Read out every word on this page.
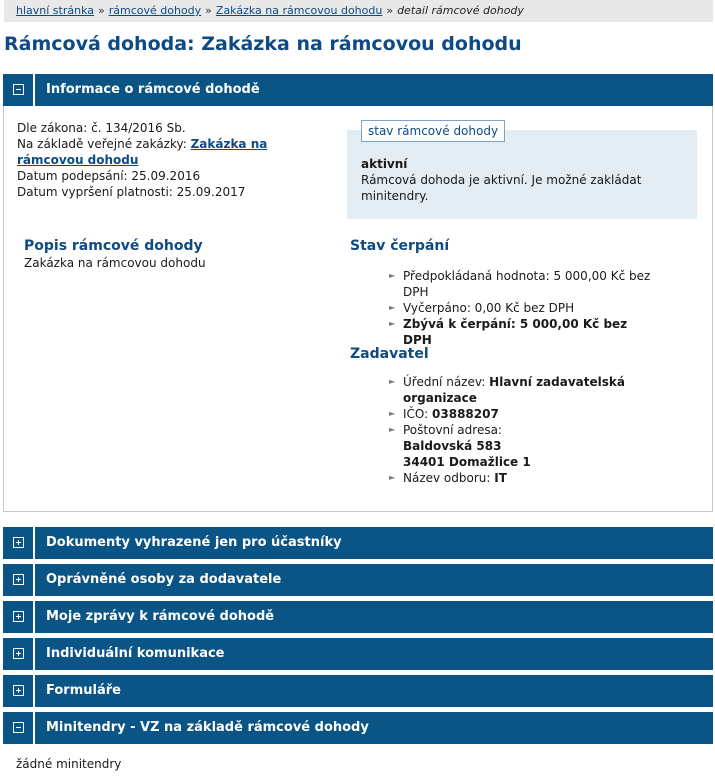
hlavní stránka » rámcové dohody » Zakázka na rámcovou dohodu » detail rámcové dohody
Rámcová dohoda: Zakázka na rámcovou dohodu
Informace o rámcové dohodě
Dle zákona: č. 134/2016 Sb.
Na základě veřejné zakázky: Zakázka na rámcovou dohodu
Datum podepsání: 25.09.2016
Datum vypršení platnosti: 25.09.2017
stav rámcové dohody
aktivní
Rámcová dohoda je aktivní. Je možné zakládat minitendry.
Popis rámcové dohody
Zakázka na rámcovou dohodu
Stav čerpání
► Předpokládaná hodnota: 5 000,00 Kč bez DPH
► Vyčerpáno: 0,00 Kč bez DPH
► Zbývá k čerpání: 5 000,00 Kč bez DPH
Zadavatel
► Úřední název: Hlavní zadavatelská organizace
► IČO: 03888207
► Poštovní adresa:
Baldovská 583
34401 Domažlice 1
► Název odboru: IT
Dokumenty vyhrazené jen pro účastníky
Oprávněné osoby za dodavatele
Moje zprávy k rámcové dohodě
Individuální komunikace
Formuláře
Minitendry - VZ na základě rámcové dohody
žádné minitendry
